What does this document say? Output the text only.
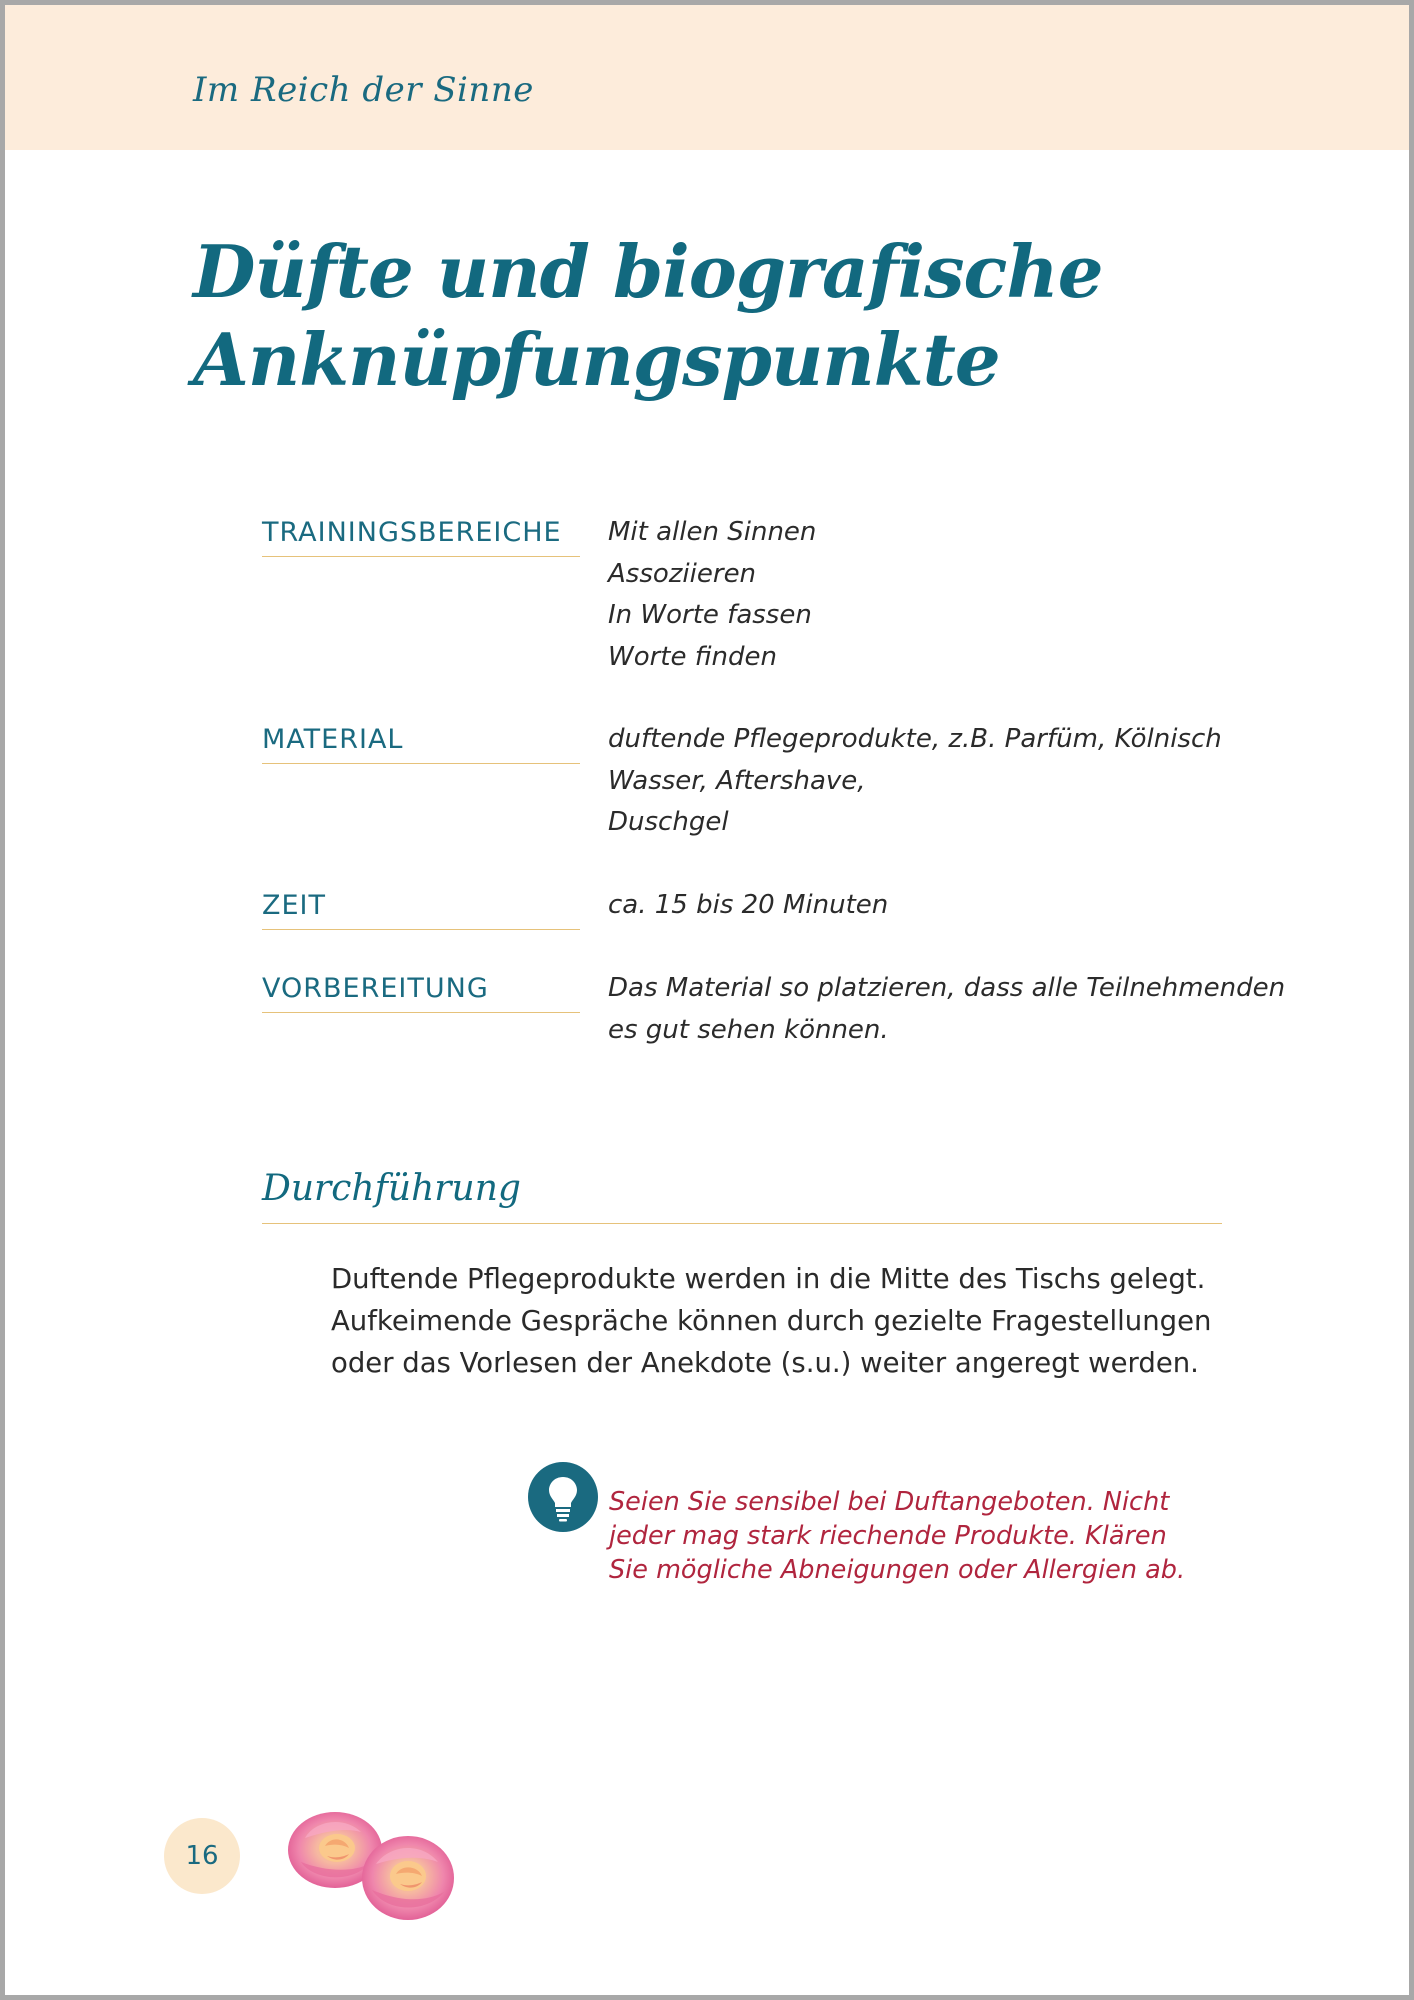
Im Reich der Sinne
Düfte und biografische
Anknüpfungspunkte
TRAININGSBEREICHE	Mit allen Sinnen
Assoziieren
In Worte fassen
Worte finden
MATERIAL	duftende Pflegeprodukte, z.B. Parfüm, Kölnisch
Wasser, Aftershave,
Duschgel
ZEIT	ca. 15 bis 20 Minuten
VORBEREITUNG	Das Material so platzieren, dass alle Teilnehmenden
es gut sehen können.
Durchführung
Duftende Pflegeprodukte werden in die Mitte des Tischs gelegt.
Aufkeimende Gespräche können durch gezielte Fragestellungen
oder das Vorlesen der Anekdote (s.u.) weiter angeregt werden.
Seien Sie sensibel bei Duftangeboten. Nicht
jeder mag stark riechende Produkte. Klären
Sie mögliche Abneigungen oder Allergien ab.
16
